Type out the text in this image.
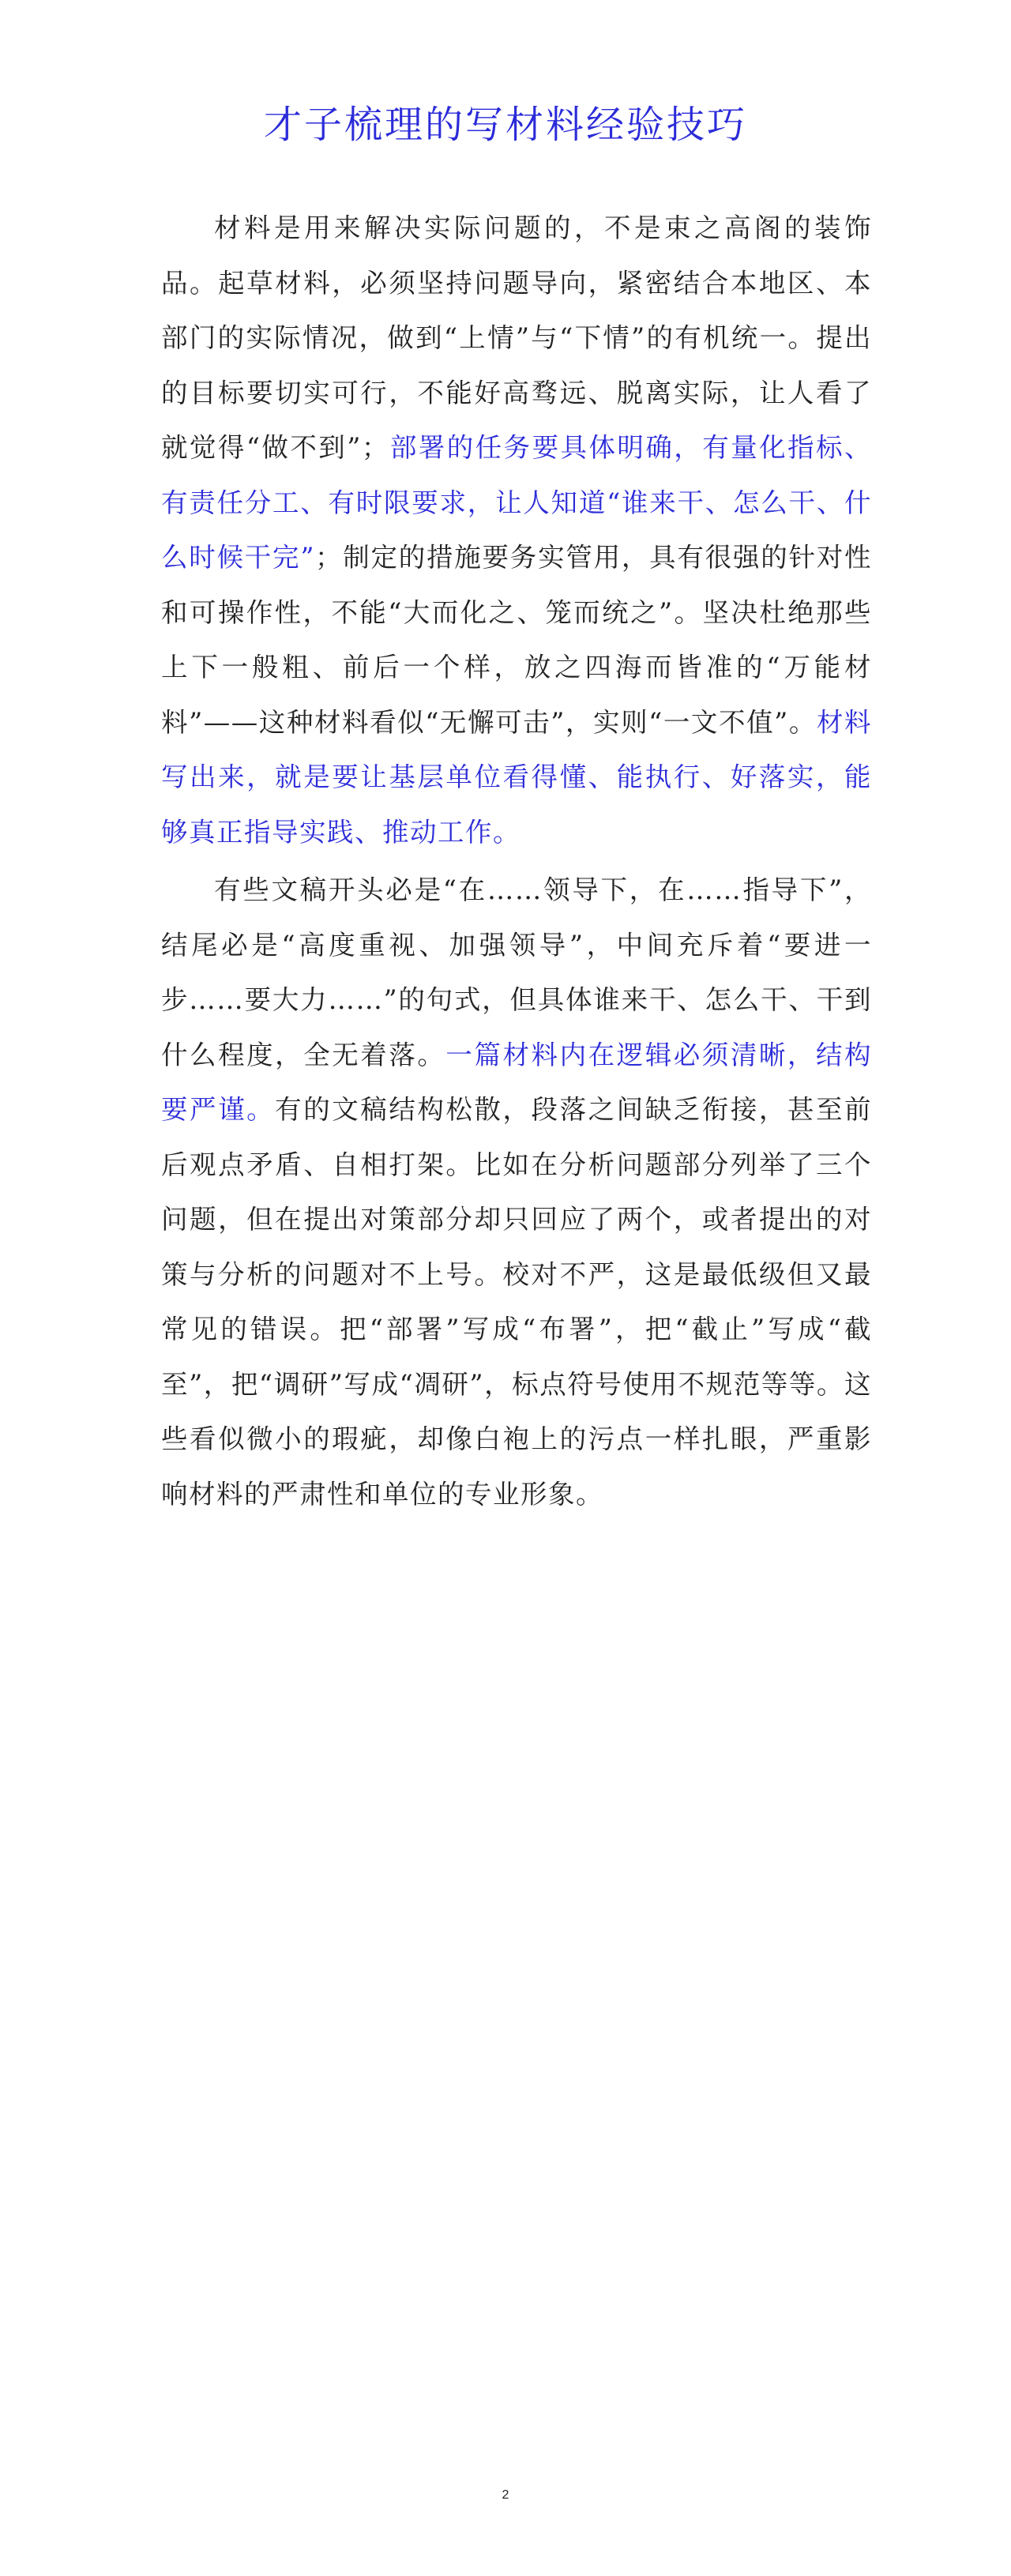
才子梳理的写材料经验技巧

材料是用来解决实际问题的，不是束之高阁的装饰品。起草材料，必须坚持问题导向，紧密结合本地区、本部门的实际情况，做到“上情”与“下情”的有机统一。提出的目标要切实可行，不能好高骛远、脱离实际，让人看了就觉得“做不到”；部署的任务要具体明确，有量化指标、有责任分工、有时限要求，让人知道“谁来干、怎么干、什么时候干完”；制定的措施要务实管用，具有很强的针对性和可操作性，不能“大而化之、笼而统之”。坚决杜绝那些上下一般粗、前后一个样，放之四海而皆准的“万能材料”——这种材料看似“无懈可击”，实则“一文不值”。材料写出来，就是要让基层单位看得懂、能执行、好落实，能够真正指导实践、推动工作。

有些文稿开头必是“在……领导下，在……指导下”，结尾必是“高度重视、加强领导”，中间充斥着“要进一步……要大力……”的句式，但具体谁来干、怎么干、干到什么程度，全无着落。一篇材料内在逻辑必须清晰，结构要严谨。有的文稿结构松散，段落之间缺乏衔接，甚至前后观点矛盾、自相打架。比如在分析问题部分列举了三个问题，但在提出对策部分却只回应了两个，或者提出的对策与分析的问题对不上号。校对不严，这是最低级但又最常见的错误。把“部署”写成“布署”，把“截止”写成“截至”，把“调研”写成“凋研”，标点符号使用不规范等等。这些看似微小的瑕疵，却像白袍上的污点一样扎眼，严重影响材料的严肃性和单位的专业形象。

2
